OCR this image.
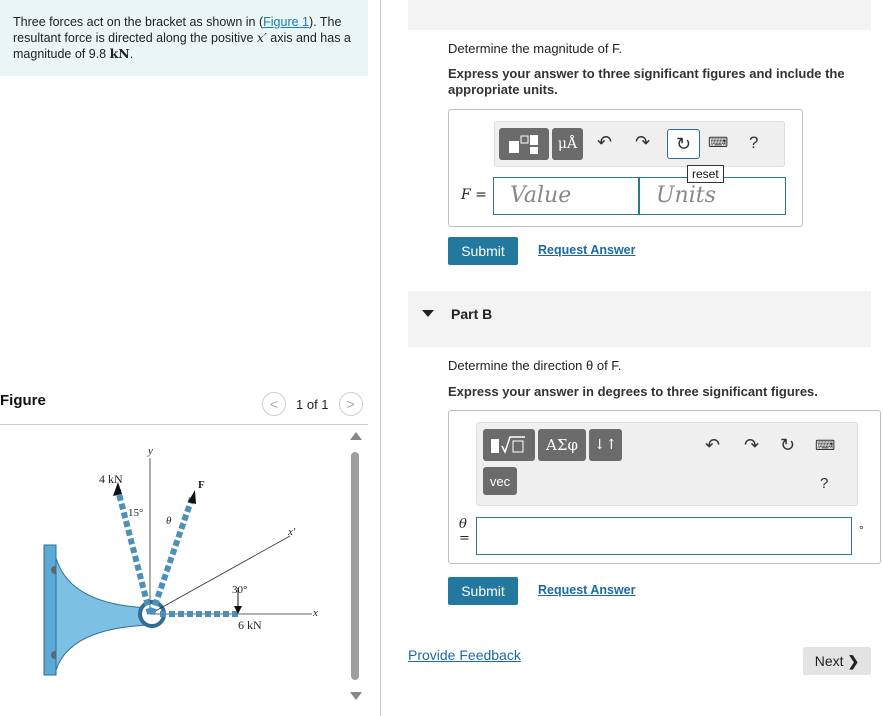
Three forces act on the bracket as shown in (Figure 1). The resultant force is directed along the positive x′ axis and has a magnitude of 9.8 kN.
Figure	<	1 of 1	>
4 kN
15°
θ
F
y
x′
30°
6 kN
x
Determine the magnitude of F.
Express your answer to three significant figures and include the appropriate units.
μÅ	↶ ↷	↻	⌨ ?
F =	Value	Units
reset
Submit	Request Answer
Part B
Determine the direction θ of F.
Express your answer in degrees to three significant figures.
ΑΣφ	↓↑	↶ ↷ ↻ ⌨
vec	?
θ =
°
Submit	Request Answer
Provide Feedback	Next ❯
